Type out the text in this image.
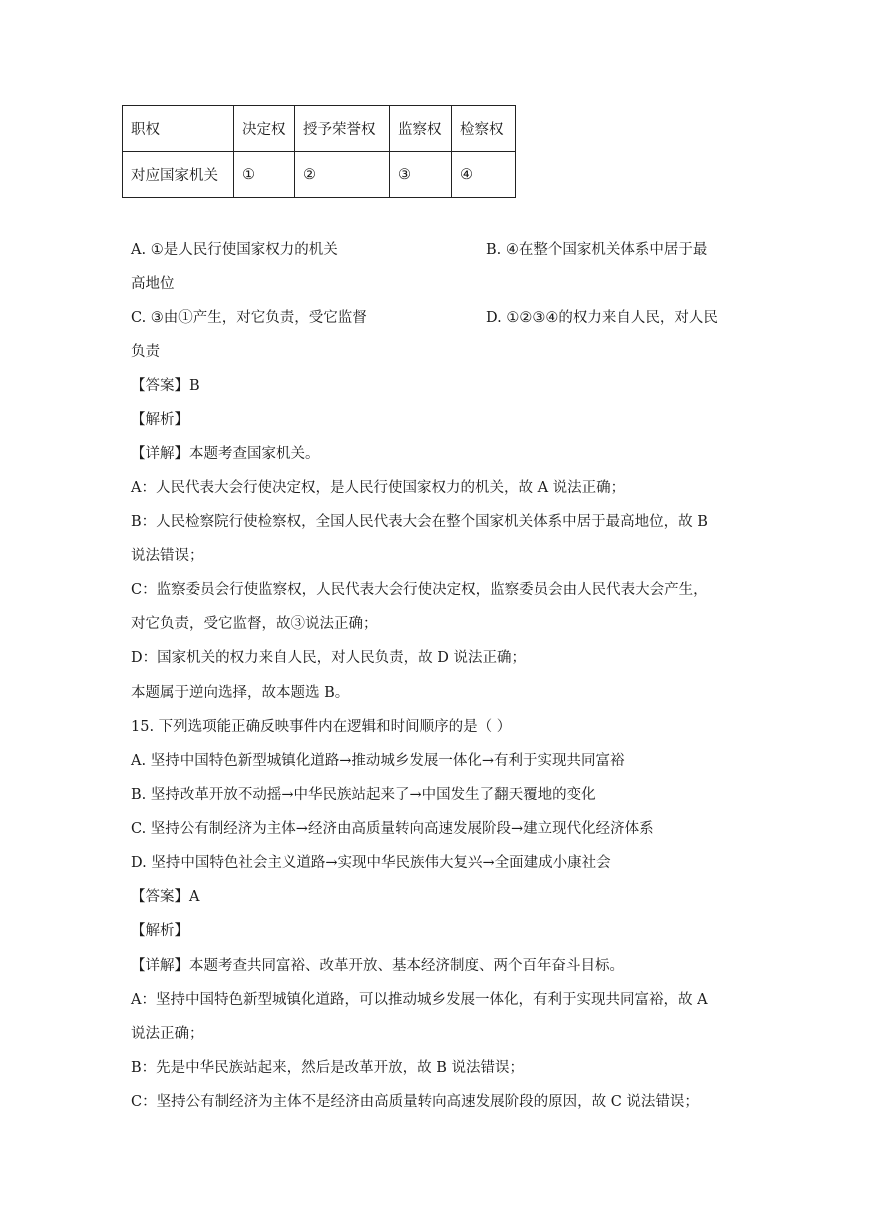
职权	决定权	授予荣誉权	监察权	检察权
对应国家机关	①	②	③	④
A. ①是人民行使国家权力的机关	B. ④在整个国家机关体系中居于最
高地位
C. ③由①产生，对它负责，受它监督	D. ①②③④的权力来自人民，对人民
负责
【答案】B
【解析】
【详解】本题考查国家机关。
A：人民代表大会行使决定权，是人民行使国家权力的机关，故 A 说法正确；
B：人民检察院行使检察权，全国人民代表大会在整个国家机关体系中居于最高地位，故 B
说法错误；
C：监察委员会行使监察权，人民代表大会行使决定权，监察委员会由人民代表大会产生，
对它负责，受它监督，故③说法正确；
D：国家机关的权力来自人民，对人民负责，故 D 说法正确；
本题属于逆向选择，故本题选 B。
15. 下列选项能正确反映事件内在逻辑和时间顺序的是（ ）
A. 坚持中国特色新型城镇化道路→推动城乡发展一体化→有利于实现共同富裕
B. 坚持改革开放不动摇→中华民族站起来了→中国发生了翻天覆地的变化
C. 坚持公有制经济为主体→经济由高质量转向高速发展阶段→建立现代化经济体系
D. 坚持中国特色社会主义道路→实现中华民族伟大复兴→全面建成小康社会
【答案】A
【解析】
【详解】本题考查共同富裕、改革开放、基本经济制度、两个百年奋斗目标。
A：坚持中国特色新型城镇化道路，可以推动城乡发展一体化，有利于实现共同富裕，故 A
说法正确；
B：先是中华民族站起来，然后是改革开放，故 B 说法错误；
C：坚持公有制经济为主体不是经济由高质量转向高速发展阶段的原因，故 C 说法错误；
